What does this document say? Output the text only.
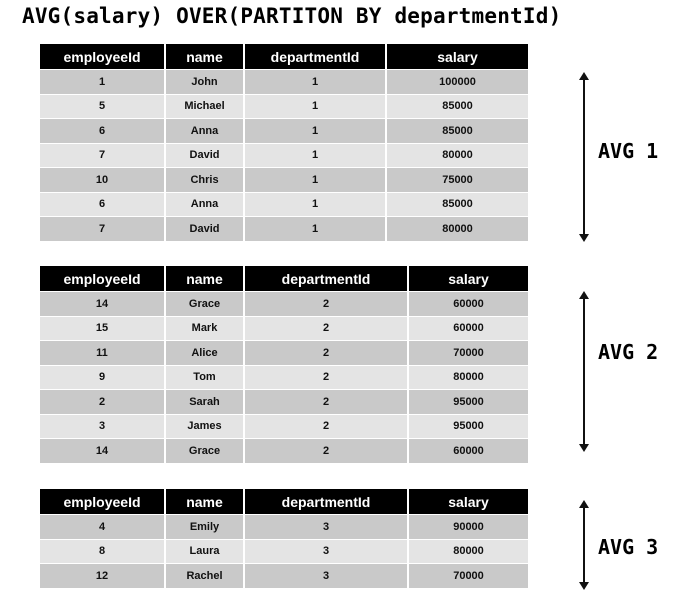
AVG(salary) OVER(PARTITON BY departmentId)
employeeId	name	departmentId	salary
1	John	1	100000
5	Michael	1	85000
6	Anna	1	85000
7	David	1	80000
10	Chris	1	75000
6	Anna	1	85000
7	David	1	80000
AVG 1
employeeId	name	departmentId	salary
14	Grace	2	60000
15	Mark	2	60000
11	Alice	2	70000
9	Tom	2	80000
2	Sarah	2	95000
3	James	2	95000
14	Grace	2	60000
AVG 2
employeeId	name	departmentId	salary
4	Emily	3	90000
8	Laura	3	80000
12	Rachel	3	70000
AVG 3
